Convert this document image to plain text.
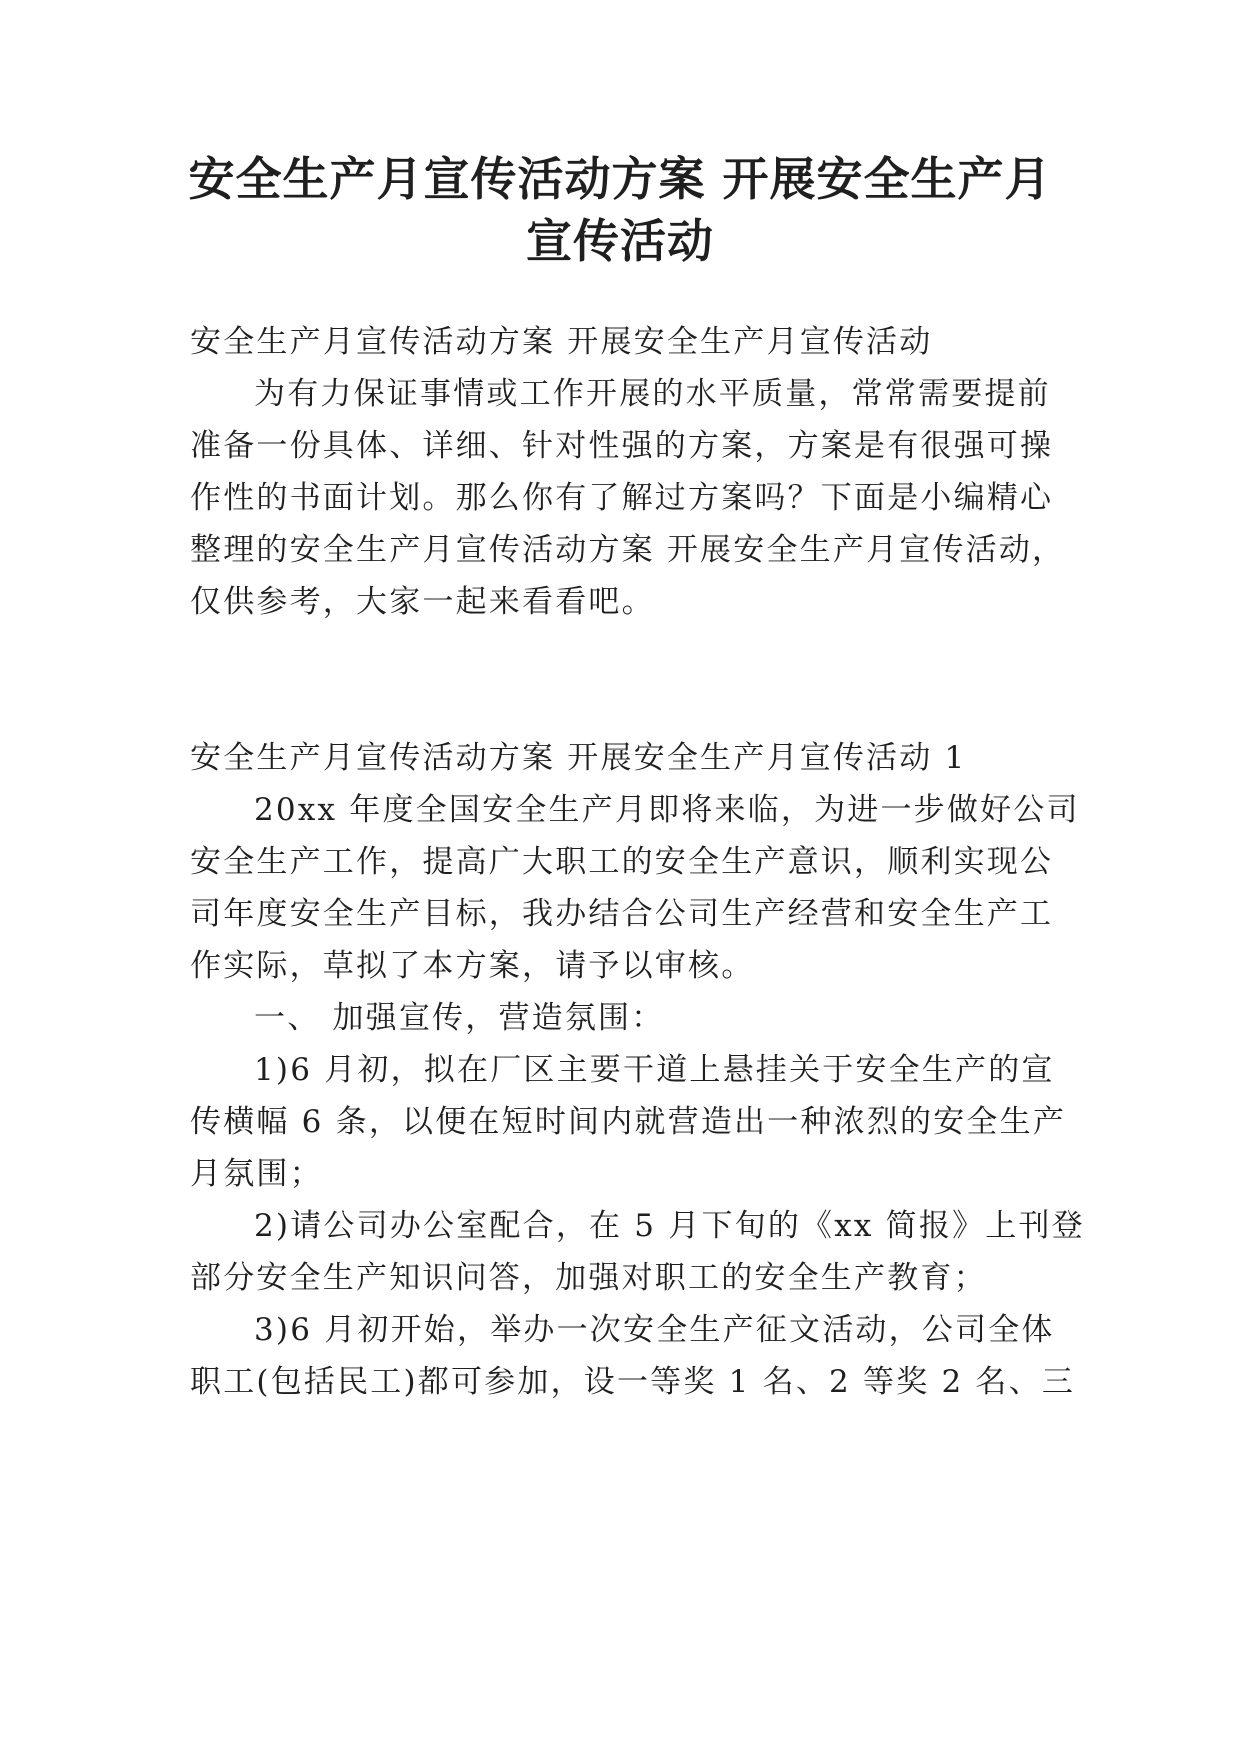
安全生产月宣传活动方案 开展安全生产月
宣传活动

安全生产月宣传活动方案 开展安全生产月宣传活动

为有力保证事情或工作开展的水平质量，常常需要提前

准备一份具体、详细、针对性强的方案，方案是有很强可操

作性的书面计划。那么你有了解过方案吗？下面是小编精心

整理的安全生产月宣传活动方案 开展安全生产月宣传活动，

仅供参考，大家一起来看看吧。

安全生产月宣传活动方案 开展安全生产月宣传活动 1

20xx 年度全国安全生产月即将来临，为进一步做好公司

安全生产工作，提高广大职工的安全生产意识，顺利实现公

司年度安全生产目标，我办结合公司生产经营和安全生产工

作实际，草拟了本方案，请予以审核。

一、 加强宣传，营造氛围：

1)6 月初，拟在厂区主要干道上悬挂关于安全生产的宣

传横幅 6 条，以便在短时间内就营造出一种浓烈的安全生产

月氛围；

2)请公司办公室配合，在 5 月下旬的《xx 简报》上刊登

部分安全生产知识问答，加强对职工的安全生产教育；

3)6 月初开始，举办一次安全生产征文活动，公司全体

职工(包括民工)都可参加，设一等奖 1 名、2 等奖 2 名、三
